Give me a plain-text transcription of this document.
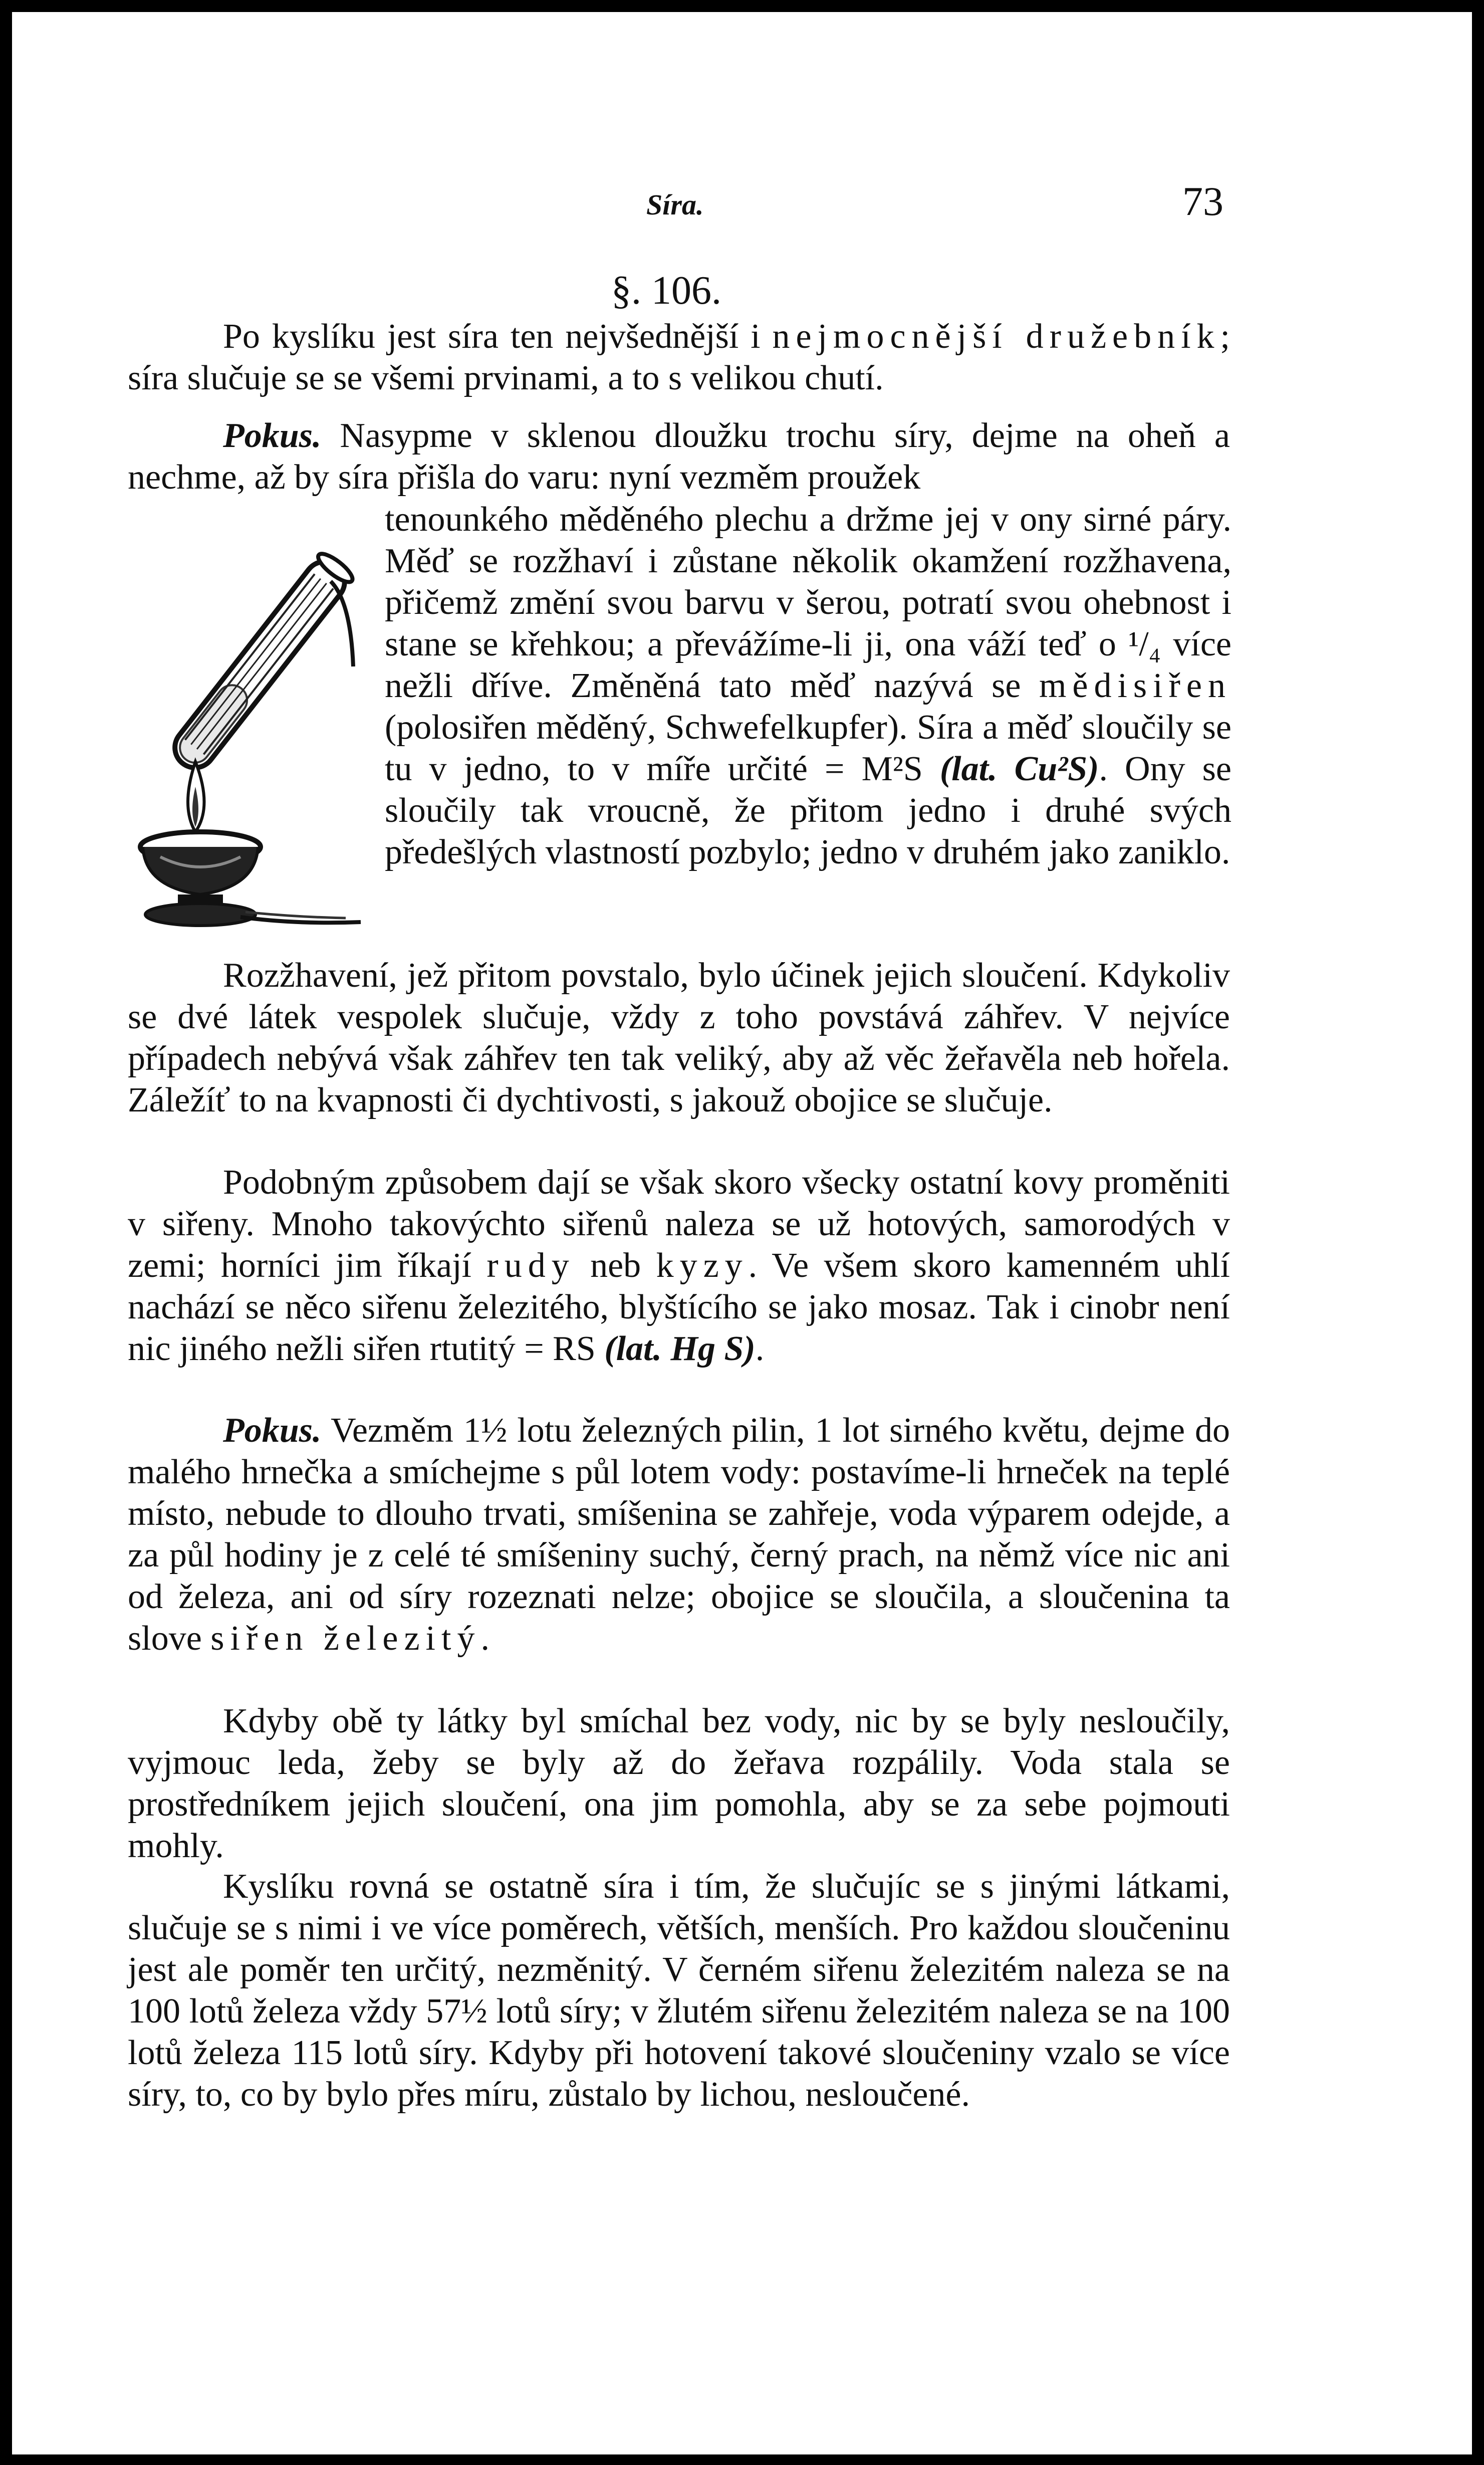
Síra.	73
§. 106.

Po kyslíku jest síra ten nejvšednější i nejmocnější družebník; síra slučuje se se všemi prvinami, a to s velikou chutí.

Pokus. Nasypme v sklenou dloužku trochu síry, dejme na oheň a nechme, až by síra přišla do varu: nyní vezměm proužek

tenounkého měděného plechu a držme jej v ony sirné páry. Měď se rozžhaví i zůstane několik okamžení rozžhavena, přičemž změní svou barvu v šerou, potratí svou ohebnost i stane se křehkou; a převážíme-li ji, ona váží teď o ¹/₄ více nežli dříve. Změněná tato měď nazývá se mědisiřen (polosiřen měděný, Schwefelkupfer). Síra a měď sloučily se tu v jedno, to v míře určité = M²S (lat. Cu²S). Ony se sloučily tak vroucně, že přitom jedno i druhé svých předešlých vlastností pozbylo; jedno v druhém jako zaniklo.

Rozžhavení, jež přitom povstalo, bylo účinek jejich sloučení. Kdykoliv se dvé látek vespolek slučuje, vždy z toho povstává záhřev. V nejvíce případech nebývá však záhřev ten tak veliký, aby až věc žeřavěla neb hořela. Záležíť to na kvapnosti či dychtivosti, s jakouž obojice se slučuje.

Podobným způsobem dají se však skoro všecky ostatní kovy proměniti v siřeny. Mnoho takovýchto siřenů naleza se už hotových, samorodých v zemi; horníci jim říkají rudy neb kyzy. Ve všem skoro kamenném uhlí nachází se něco siřenu železitého, blyštícího se jako mosaz. Tak i cinobr není nic jiného nežli siřen rtutitý = RS (lat. Hg S).

Pokus. Vezměm 1½ lotu železných pilin, 1 lot sirného květu, dejme do malého hrnečka a smíchejme s půl lotem vody: postavíme-li hrneček na teplé místo, nebude to dlouho trvati, smíšenina se zahřeje, voda výparem odejde, a za půl hodiny je z celé té smíšeniny suchý, černý prach, na němž více nic ani od železa, ani od síry rozeznati nelze; obojice se sloučila, a sloučenina ta slove siřen železitý.

Kdyby obě ty látky byl smíchal bez vody, nic by se byly nesloučily, vyjmouc leda, žeby se byly až do žeřava rozpálily. Voda stala se prostředníkem jejich sloučení, ona jim pomohla, aby se za sebe pojmouti mohly.

Kyslíku rovná se ostatně síra i tím, že slučujíc se s jinými látkami, slučuje se s nimi i ve více poměrech, větších, menších. Pro každou sloučeninu jest ale poměr ten určitý, nezměnitý. V černém siřenu železitém naleza se na 100 lotů železa vždy 57½ lotů síry; v žlutém siřenu železitém naleza se na 100 lotů železa 115 lotů síry. Kdyby při hotovení takové sloučeniny vzalo se více síry, to, co by bylo přes míru, zůstalo by lichou, nesloučené.
